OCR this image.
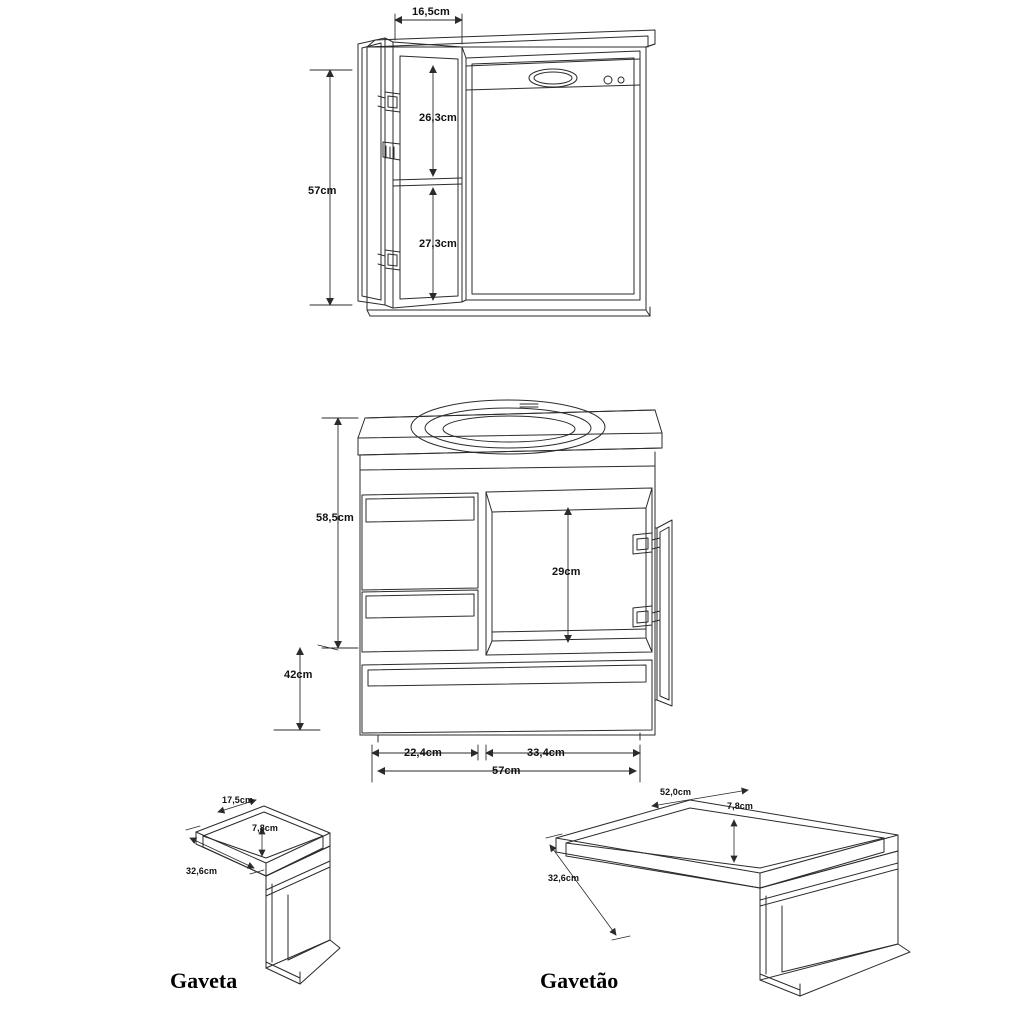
16,5cm
57cm
26,3cm
27,3cm
58,5cm
42cm
29cm
22,4cm	33,4cm
57cm
17,5cm
7,8cm
32,6cm
52,0cm
7,8cm
32,6cm
Gaveta	Gavetão
